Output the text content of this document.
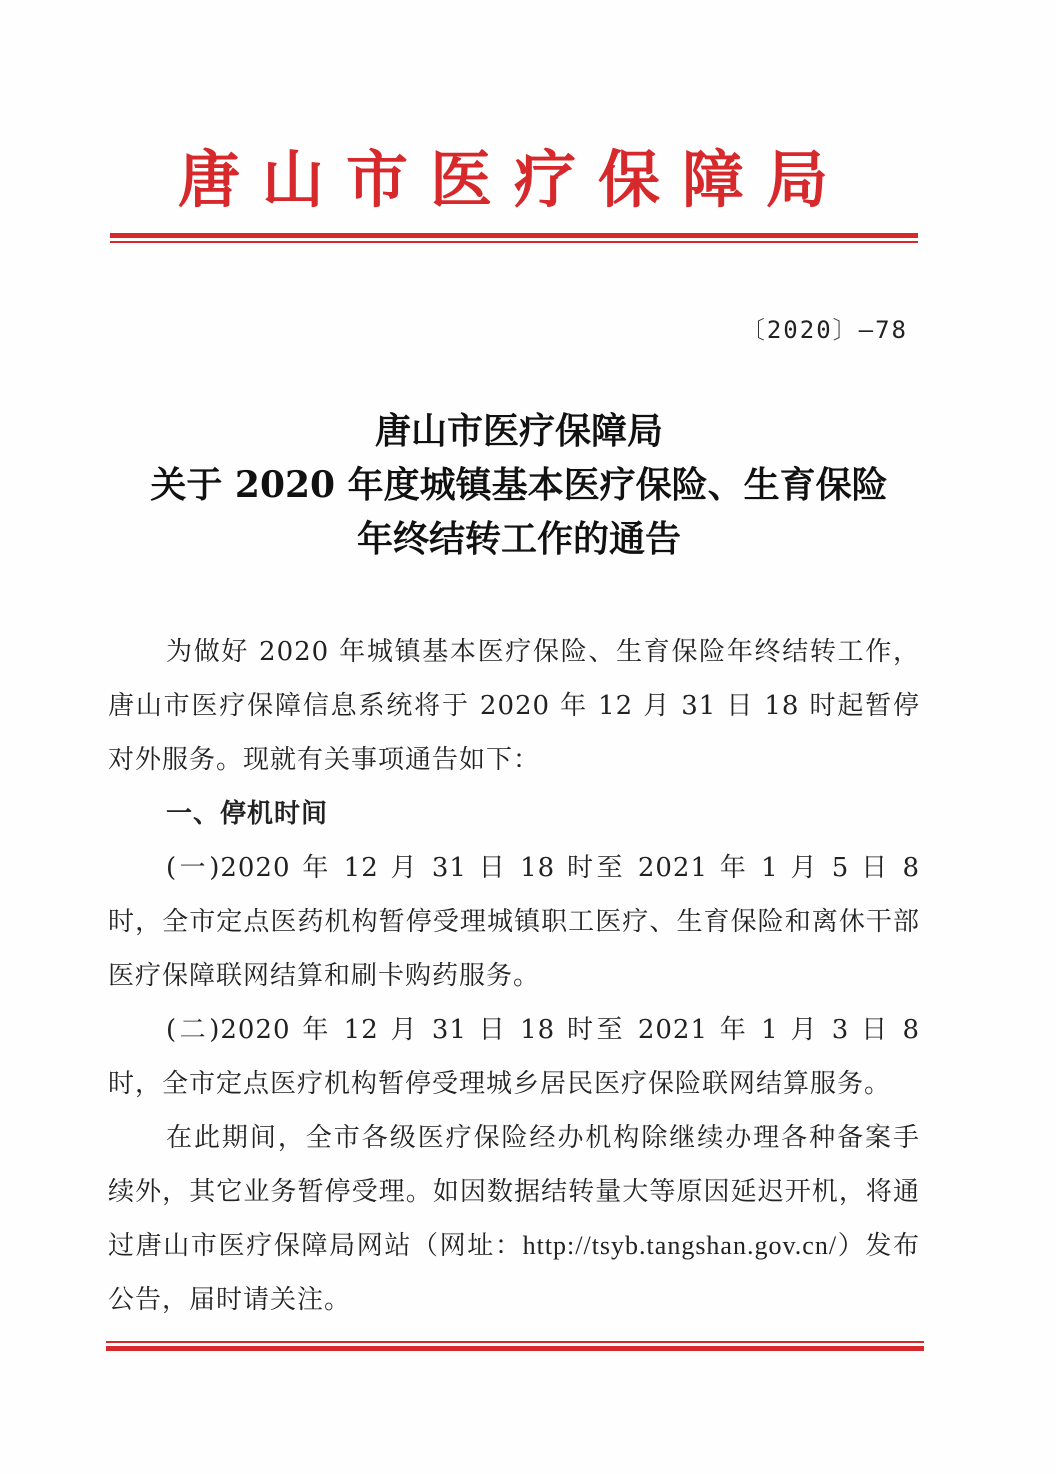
唐山市医疗保障局
〔2020〕—78
唐山市医疗保障局
关于 2020 年度城镇基本医疗保险、生育保险
年终结转工作的通告

为做好 2020 年城镇基本医疗保险、生育保险年终结转工作，唐山市医疗保障信息系统将于 2020 年 12 月 31 日 18 时起暂停对外服务。现就有关事项通告如下：

一、停机时间

(一)2020 年 12 月 31 日 18 时至 2021 年 1 月 5 日 8 时，全市定点医药机构暂停受理城镇职工医疗、生育保险和离休干部医疗保障联网结算和刷卡购药服务。

(二)2020 年 12 月 31 日 18 时至 2021 年 1 月 3 日 8 时，全市定点医疗机构暂停受理城乡居民医疗保险联网结算服务。

在此期间，全市各级医疗保险经办机构除继续办理各种备案手续外，其它业务暂停受理。如因数据结转量大等原因延迟开机，将通过唐山市医疗保障局网站（网址：http://tsyb.tangshan.gov.cn/）发布公告，届时请关注。
